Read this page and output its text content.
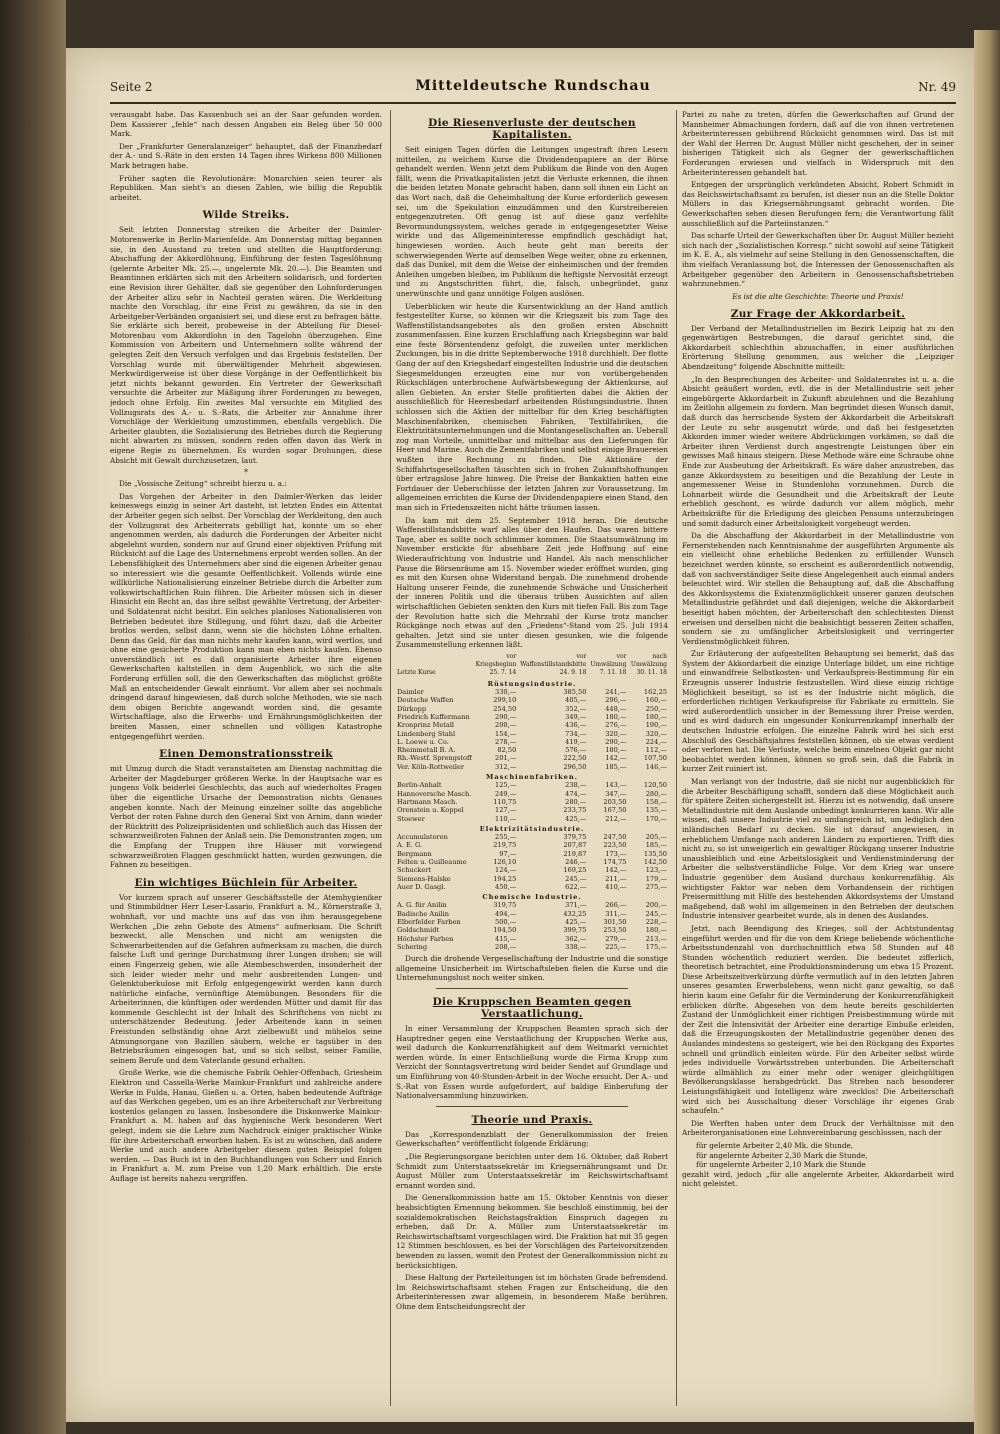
Seite 2	Mitteldeutsche Rundschau	Nr. 49

verausgabt habe. Das Kassenbuch sei an der Saar gefunden worden. Dem Kassierer „fehle“ nach dessen Angaben ein Beleg über 50 000 Mark.

Der „Frankfurter Generalanzeiger“ behauptet, daß der Finanzbedarf der A.- und S.-Räte in den ersten 14 Tagen ihres Wirkens 800 Millionen Mark betragen habe.

Früher sagten die Revolutionäre: Monarchien seien teurer als Republiken. Man sieht's an diesen Zahlen, wie billig die Republik arbeitet.

Wilde Streiks.

Seit letzten Donnerstag streiken die Arbeiter der Daimler-Motorenwerke in Berlin-Marienfelde. Am Donnerstag mittag begannen sie, in den Ausstand zu treten und stellten die Hauptforderung: Abschaffung der Akkordlöhnung, Einführung der festen Tageslöhnung (gelernte Arbeiter Mk. 25.—, ungelernte Mk. 20.—). Die Beamten und Beamtinnen erklärten sich mit den Arbeitern solidarisch, und forderten eine Revision ihrer Gehälter, daß sie gegenüber den Lohnforderungen der Arbeiter allzu sehr in Nachteil geraten wären. Die Werkleitung machte den Vorschlag, ihr eine Frist zu gewähren, da sie in den Arbeitgeber-Verbänden organisiert sei, und diese erst zu befragen hätte. Sie erklärte sich bereit, probeweise in der Abteilung für Diesel-Motorenbau vom Akkordlohn in den Tagelohn überzugehen. Eine Kommission von Arbeitern und Unternehmern sollte während der gelegten Zeit den Versuch verfolgen und das Ergebnis feststellen. Der Vorschlag wurde mit überwältigender Mehrheit abgewiesen. Merkwürdigerweise ist über diese Vorgänge in der Oeffentlichkeit bis jetzt nichts bekannt geworden. Ein Vertreter der Gewerkschaft versuchte die Arbeiter zur Mäßigung ihrer Forderungen zu bewegen, jedoch ohne Erfolg. Ein zweites Mal versuchte ein Mitglied des Vollzugsrats des A.- u. S.-Rats, die Arbeiter zur Annahme ihrer Vorschläge der Werkleitung umzustimmen, ebenfalls vergeblich. Die Arbeiter glaubten, die Sozialisierung des Betriebes durch die Regierung nicht abwarten zu müssen, sondern reden offen davon das Werk in eigene Regie zu übernehmen. Es wurden sogar Drohungen, diese Absicht mit Gewalt durchzusetzen, laut.

*

Die „Vossische Zeitung“ schreibt hierzu u. a.:

Das Vorgehen der Arbeiter in den Daimler-Werken das leider keineswegs einzig in seiner Art dasteht, ist letzten Endes ein Attentat der Arbeiter gegen sich selbst. Der Vorschlag der Werkleitung, den auch der Vollzugsrat des Arbeiterrats gebilligt hat, konnte um so eher angenommen werden, als dadurch die Forderungen der Arbeiter nicht abgelehnt wurden, sondern nur auf Grund einer objektiven Prüfung mit Rücksicht auf die Lage des Unternehmens erprobt werden sollen. An der Lebensfähigkeit des Unternehmers aber sind die eigenen Arbeiter genau so interessiert wie die gesamte Oeffentlichkeit. Vollends würde eine willkürliche Nationalisierung einzelner Betriebe durch die Arbeiter zum volkswirtschaftlichen Ruin führen. Die Arbeiter müssen sich in dieser Hinsicht ein Recht an, das ihre selbst gewählte Vertretung, der Arbeiter- und Soldatenrat nicht besitzt. Ein solches planloses Nationalisieren von Betrieben bedeutet ihre Stillegung, und führt dazu, daß die Arbeiter brotlos werden, selbst dann, wenn sie die höchsten Löhne erhalten. Denn das Geld, für das man nichts mehr kaufen kann, wird wertlos, und ohne eine gesicherte Produktion kann man eben nichts kaufen. Ebenso unverständlich ist es daß organisierte Arbeiter ihre eigenen Gewerkschaften kaltstellen in dem Augenblick, wo sich die alte Forderung erfüllen soll, die den Gewerkschaften das möglichst größte Maß an entscheidender Gewalt einräumt. Vor allem aber sei nochmals dringend darauf hingewiesen, daß durch solche Methoden, wie sie nach dem obigen Berichte angewandt worden sind, die gesamte Wirtschaftlage, also die Erwerbs- und Ernährungsmöglichkeiten der breiten Massen, einer schnellen und völligen Katastrophe entgegengeführt werden.

Einen Demonstrationsstreik

mit Umzug durch die Stadt veranstalteten am Dienstag nachmittag die Arbeiter der Magdeburger größeren Werke. In der Hauptsache war es jungens Volk beiderlei Geschlechts, das auch auf wiederholtes Fragen über die eigentliche Ursache der Demonstration nichts Genaues angeben konnte. Nach der Meinung einzelner sollte das angebliche Verbot der roten Fahne durch den General Sixt von Arnim, dann wieder der Rücktritt des Polizeipräsidenten und schließlich auch das Hissen der schwarzweißroten Fahnen der Anlaß sein. Die Demonstranten zogen, um die Empfang der Truppen ihre Häuser mit vorwiegend schwarzweißroten Flaggen geschmückt hatten, wurden gezwungen, die Fahnen zu beseitigen.

Ein wichtiges Büchlein für Arbeiter.

Vor kurzem sprach auf unserer Geschäftsstelle der Atemhygieniker und Stimmbildner Herr Leser-Lasario, Frankfurt a. M., Körnerstraße 3, wohnhaft, vor und machte uns auf das von ihm herausgegebene Werkchen „Die zehn Gebote des Atmens“ aufmerksam. Die Schrift bezweckt, alle Menschen und nicht am wenigsten die Schwerarbeitenden auf die Gefahren aufmerksam zu machen, die durch falsche Luft und geringe Durchatmung ihrer Lungen drohen; sie will einen Fingerzeig geben, wie alle Atembeschwerden, insonderheit der sich leider wieder mehr und mehr ausbreitenden Lungen- und Gelenktuberkulose mit Erfolg entgegengewirkt werden kann durch natürliche einfache, vernünftige Atemübungen. Besonders für die Arbeiterinnen, die künftigen oder werdenden Mütter und damit für das kommende Geschlecht ist der Inhalt des Schriftchens von nicht zu unterschätzender Bedeutung. Jeder Arbeitende kann in seinen Freistunden selbständig ohne Arzt zielbewußt und mühelos seine Atmungsorgane von Bazillen säubern, welche er tagsüber in den Betriebsräumen eingesogen hat, und so sich selbst, seiner Familie, seinem Berufe und dem Vaterlande gesund erhalten.

Große Werke, wie die chemische Fabrik Oehler-Offenbach, Griesheim Elektron und Cassella-Werke Mainkur-Frankfurt und zahlreiche andere Werke in Fulda, Hanau, Gießen u. a. Orten, haben bedeutende Aufträge auf das Werkchen gegeben, um es an ihre Arbeiterschaft zur Verbreitung kostenlos gelangen zu lassen. Insbesondere die Diskonwerke Mainkur-Frankfurt a. M. haben auf das hygienische Werk besonderen Wert gelegt, indem sie die Lehre zum Nachdruck einiger praktischer Winke für ihre Arbeiterschaft erworben haben. Es ist zu wünschen, daß andere Werke und auch andere Arbeitgeber diesem guten Beispiel folgen werden. — Das Buch ist in den Buchhandlungen von Scherr und Enrich in Frankfurt a. M. zum Preise von 1,20 Mark erhältlich. Die erste Auflage ist bereits nahezu vergriffen.

Die Riesenverluste der deutschen Kapitalisten.

Seit einigen Tagen dürfen die Leitungen ungestraft ihren Lesern mitteilen, zu welchem Kurse die Dividendenpapiere an der Börse gehandelt werden. Wenn jetzt dem Publikum die Binde von den Augen fällt, wenn die Privatkapitalisten jetzt die Verluste erkennen, die ihnen die beiden letzten Monate gebracht haben, dann soll ihnen ein Licht an das Wort nach, daß die Geheimhaltung der Kurse erforderlich gewesen sei, um die Spekulation einzudämmen und den Kurstreibereien entgegenzutreten. Oft genug ist auf diese ganz verfehlte Bevormundungssystem, welches gerade in entgegengesetzter Weise wirkte und das Allgemeininteresse empfindlich geschädigt hat, hingewiesen worden. Auch heute geht man bereits der schwerwiegenden Werte auf demselben Wege weiter, ohne zu erkennen, daß das Dunkel, mit dem die Weise der einheimischen und der fremden Anleihen umgeben bleiben, im Publikum die heftigste Nervosität erzeugt und zu Angstschritten führt, die, falsch, unbegründet, ganz unerwünschte und ganz unnötige Folgen auslösen.

Ueberblicken wir heute die Kursentwicklung an der Hand amtlich festgestellter Kurse, so können wir die Kriegszeit bis zum Tage des Waffenstillstandsangebotes als den großen ersten Abschnitt zusammenfassen. Eine kurzen Erschlaffung nach Kriegsbeginn war bald eine feste Börsentendenz gefolgt, die zuweilen unter merklichen Zuckungen, bis in die dritte Septemberwoche 1918 durchhielt. Der flotte Gang der auf den Kriegsbedarf eingestellten Industrie und die deutschen Siegesmeldungen erzeugten eine nur von vorübergehenden Rückschlägen unterbrochene Aufwärtsbewegung der Aktienkurse, auf allen Gebieten. An erster Stelle profitierten dabei die Aktien der ausschließlich für Heeresbedarf arbeitenden Rüstungsindustrie. Ihnen schlossen sich die Aktien der mittelbar für den Krieg beschäftigten Maschinenfabriken, chemischen Fabriken, Textilfabriken, die Elektrizitätsunternehmungen und die Montangesellschaften an. Ueberall zog man Vorteile, unmittelbar und mittelbar aus den Lieferungen für Heer und Marine. Auch die Zementfabriken und selbst einige Brauereien wußten ihre Rechnung zu finden. Die Aktionäre der Schiffahrtsgesellschaften täuschten sich in frohen Zukunftshoffnungen über ertragslose Jahre hinweg. Die Preise der Bankaktien hatten eine Fortdauer der Ueberschüsse der letzten Jahren zur Voraussetzung. Im allgemeinen errichten die Kurse der Dividendenpapiere einen Stand, den man sich in Friedenszeiten nicht hätte träumen lassen.

Da kam mit dem 25. September 1918 heran. Die deutsche Waffenstillstandsbitte warf alles über den Haufen. Das waren bittere Tage, aber es sollte noch schlimmer kommen. Die Staatsumwälzung im November erstickte für absehbare Zeit jede Hoffnung auf eine Wiederaufrichtung von Industrie und Handel. Als nach menschlicher Pause die Börsenräume am 15. November wieder eröffnet wurden, ging es mit den Kursen ohne Widerstand bergab. Die zunehmend drohende Haltung unserer Feinde, die zunehmende Schwäche und Unsicherheit der inneren Politik und die überaus trüben Aussichten auf allen wirtschaftlichen Gebieten senkten den Kurs mit tiefen Fall. Bis zum Tage der Revolution hatte sich die Mehrzahl der Kurse trotz mancher Rückgänge noch etwas auf den „Friedens“-Stand vom 25. Juli 1914 gehalten. Jetzt sind sie unter diesen gesunken, wie die folgende Zusammenstellung erkennen läßt.

Letzte Kurse	vor Kriegsbeginn 25. 7. 14	vor Waffenstillstandsbitte 24. 9. 18	vor Umwälzung 7. 11. 18	nach Umwälzung 30. 11. 18
Rüstungsindustrie.				
Daimler	330,—	385,50	241,—	162,25
Deutsche Waffen	299,10	405,—	296,—	160,—
Dürkopp	254,50	352,—	448,—	250,—
Friedrich Kuffermann	290,—	349,—	180,—	180,—
Kronprinz Metall	200,—	436,—	276,—	190,—
Lindenberg Stahl	154,—	734,—	320,—	320,—
L. Loewe u. Co.	278,—	419,—	290,—	224,—
Rheinmetall B. A.	82,50	576,—	180,—	112,—
Rh.-Westf. Sprengstoff	201,—	222,50	142,—	107,50
Ver. Köln-Rottweiler	312,—	296,50	185,—	146,—
Maschinenfabriken.				
Berlin-Anhalt	125,—	238,—	143,—	120,50
Hannoversche Masch.	249,—	474,—	347,—	280,—
Hartmann Masch.	110,75	280,—	203,50	158,—
Orenstein u. Koppel	127,—	233,75	167,50	135,—
Stoewer	110,—	425,—	212,—	170,—
Elektrizitätsindustrie.				
Accumulatoren	255,—	379,75	247,50	205,—
A. E. G.	219,75	207,87	223,50	185,—
Bergmann	97,—	219,87	173,—	135,50
Felten u. Guilleaume	126,10	246,—	174,75	142,50
Schuckert	124,—	169,25	142,—	123,—
Siemens-Halske	194,25	245,—	211,—	179,—
Auer D. Gasgl.	450,—	622,—	410,—	275,—
Chemische Industrie.				
A. G. für Anilin	319,75	371,—	266,—	200,—
Badische Anilin	494,—	432,25	311,—	245,—
Elberfelder Farben	500,—	425,—	301,50	228,—
Goldschmidt	194,50	399,75	253,50	180,—
Höchster Farben	415,—	362,—	279,—	213,—
Schering	208,—	338,—	225,—	175,—

Durch die drohende Vergesellschaftung der Industrie und die sonstige allgemeine Unsicherheit im Wirtschaftsleben fielen die Kurse und die Unternehmungslust noch weiter sinken.

Die Kruppschen Beamten gegen Verstaatlichung.

In einer Versammlung der Kruppschen Beamten sprach sich der Hauptredner gegen eine Verstaatlichung der Kruppschen Werke aus, weil dadurch die Konkurrenzfähigkeit auf dem Weltmarkt vernichtet werden würde. In einer Entschließung wurde die Firma Krupp zum Verzicht der Sonntagsvertretung wird beider Sendet auf Grundlage und um Einführung von 40-Stunden-Arbeit in der Woche ersucht. Der A.- und S.-Rat von Essen wurde aufgefordert, auf baldige Einberufung der Nationalversammlung hinzuwirken.

Theorie und Praxis.

Das „Korrespondenzblatt der Generalkommission der freien Gewerkschaften“ veröffentlicht folgende Erklärung:

„Die Regierungsorgane berichten unter dem 16. Oktober, daß Robert Schmidt zum Unterstaatssekretär im Kriegsernährungsamt und Dr. August Müller zum Unterstaatssekretär im Reichswirtschaftsamt ernannt worden sind.

Die Generalkommission hatte am 15. Oktober Kenntnis von dieser beabsichtigten Ernennung bekommen. Sie beschloß einstimmig, bei der sozialdemokratischen Reichstagsfraktion Einspruch dagegen zu erheben, daß Dr. A. Müller zum Unterstaatssekretär im Reichswirtschaftsamt vorgeschlagen wird. Die Fraktion hat mit 35 gegen 12 Stimmen beschlossen, es bei der Vorschlägen des Parteivorsitzenden bewenden zu lassen, womit den Protest der Generalkommission nicht zu berücksichtigen.

Diese Haltung der Parteileitungen ist im höchsten Grade befremdend. Im Reichswirtschaftsamt stehen Fragen zur Entscheidung, die den Arbeiterinteressen zwar allgemein, in besonderem Maße berühren. Ohne dem Entscheidungsrecht der

Partei zu nahe zu treten, dürfen die Gewerkschaften auf Grund der Mannheimer Abmachungen fordern, daß auf die von ihnen vertretenen Arbeiterinteressen gebührend Rücksicht genommen wird. Das ist mit der Wahl der Herren Dr. August Müller nicht geschehen, der in seiner bisherigen Tätigkeit sich als Gegner der gewerkschaftlichen Forderungen erwiesen und vielfach in Widerspruch mit den Arbeiterinteressen gehandelt hat.

Entgegen der ursprünglich verkündeten Absicht, Robert Schmidt in das Reichswirtschaftsamt zu berufen, ist dieser nun an die Stelle Doktor Müllers in das Kriegsernährungsamt gebracht worden. Die Gewerkschaften sehen diesen Berufungen fern; die Verantwortung fällt ausschließlich auf die Parteiinstanzen.“

Das scharfe Urteil der Gewerkschaften über Dr. August Müller bezieht sich nach der „Sozialistischen Korresp.“ nicht sowohl auf seine Tätigkeit im K. E. A., als vielmehr auf seine Stellung in den Genossenschaften, die ihm vielfach Veranlassung bot, die Interessen der Genossenschaften als Arbeitgeber gegenüber den Arbeitern in Genossenschaftsbetrieben wahrzunehmen.“

Es ist die alte Geschichte: Theorie und Praxis!
Zur Frage der Akkordarbeit.

Der Verband der Metallindustriellen im Bezirk Leipzig hat zu den gegenwärtigen Bestrebungen, die darauf gerichtet sind, die Akkordarbeit schlechthin abzuschaffen, in einer ausführlichen Erörterung Stellung genommen, aus welcher die „Leipziger Abendzeitung“ folgende Abschnitte mitteilt:

„In den Besprechungen des Arbeiter- und Soldatenrates ist u. a. die Absicht geäußert worden, evtl. die in der Metallindustrie seit jeher eingebürgerte Akkordarbeit in Zukunft abzulehnen und die Bezahlung im Zeitlohn allgemein zu fordern. Man begründet diesen Wunsch damit, daß durch das herrschende System der Akkordarbeit die Arbeitskraft der Leute zu sehr ausgenutzt würde, und daß bei festgesetzten Akkorden immer wieder weitere Abdrückungen vorkämen, so daß die Arbeiter ihren Verdienst durch angestrengte Leistungen über ein gewisses Maß hinaus steigern. Diese Methode wäre eine Schraube ohne Ende zur Ausbeutung der Arbeitskraft. Es wäre daher anzustreben, das ganze Akkordsystem zu beseitigen und die Bezahlung der Leute in angemessener Weise in Stundenlohn vorzunehmen. Durch die Lohnarbeit würde die Gesundheit und die Arbeitskraft der Leute erheblich geschont, es würde dadurch vor allem möglich, mehr Arbeitskräfte für die Erledigung des gleichen Pensums unterzubringen und somit dadurch einer Arbeitslosigkeit vorgebeugt werden.

Da die Abschaffung der Akkordarbeit in der Metallindustrie von Fernerstehenden nach Kenntnisnahme der ausgeführten Argumente als ein vielleicht ohne erhebliche Bedenken zu erfüllender Wunsch bezeichnet werden könnte, so erscheint es außerordentlich notwendig, daß von sachverständiger Seite diese Angelegenheit auch einmal anders beleuchtet wird. Wir stellen die Behauptung auf, daß die Abschaffung des Akkordsystems die Existenzmöglichkeit unserer ganzen deutschen Metallindustrie gefährdet und daß diejenigen, welche die Akkordarbeit beseitigt haben möchten, der Arbeiterschaft den schlechtesten Dienst erweisen und derselben nicht die beabsichtigt besseren Zeiten schaffen, sondern sie zu umfänglicher Arbeitslosigkeit und verringerter Verdienstmöglichkeit führen.

Zur Erläuterung der aufgestellten Behauptung sei bemerkt, daß das System der Akkordarbeit die einzige Unterlage bildet, um eine richtige und einwandfreie Selbstkosten- und Verkaufspreis-Bestimmung für ein Erzeugnis unserer Industrie festzustellen. Wird diese einzig richtige Möglichkeit beseitigt, so ist es der Industrie nicht möglich, die erforderlichen richtigen Verkaufspreise für Fabrikate zu ermitteln. Sie wird außerordentlich unsicher in der Bemessung ihrer Preise werden, und es wird dadurch ein ungesunder Konkurrenzkampf innerhalb der deutschen Industrie erfolgen. Die einzelne Fabrik wird bei sich erst Abschluß des Geschäftsjahres feststellen können, ob sie etwas verdient oder verloren hat. Die Verluste, welche beim einzelnen Objekt gar nicht beobachtet werden können, können so groß sein, daß die Fabrik in kurzer Zeit ruiniert ist.

Man verlangt von der Industrie, daß sie nicht nur augenblicklich für die Arbeiter Beschäftigung schafft, sondern daß diese Möglichkeit auch für spätere Zeiten sichergestellt ist. Hierzu ist es notwendig, daß unsere Metallindustrie mit dem Auslande unbedingt konkurrieren kann. Wir alle wissen, daß unsere Industrie viel zu umfangreich ist, um lediglich den inländischen Bedarf zu decken. Sie ist darauf angewiesen, in erheblichem Umfange nach anderen Ländern zu exportieren. Trifft dies nicht zu, so ist unweigerlich ein gewaltiger Rückgang unserer Industrie unausbleiblich und eine Arbeitslosigkeit und Verdienstminderung der Arbeiter die selbstverständliche Folge. Vor dem Krieg war unsere Industrie gegenüber dem Ausland durchaus konkurrenzfähig. Als wichtigster Faktor war neben dem Vorhandensein der richtigen Preisermittlung mit Hilfe des bestehenden Akkordsystems der Umstand maßgebend, daß wohl im allgemeinen in den Betrieben der deutschen Industrie intensiver gearbeitet wurde, als in denen des Auslandes.

Jetzt, nach Beendigung des Krieges, soll der Achtstundentag eingeführt werden und für die von dem Kriege beliebende wöchentliche Arbeitsstundenzahl von durchschnittlich etwa 58 Stunden auf 48 Stunden wöchentlich reduziert werden. Die bedeutet zifferlich, theoretisch betrachtet, eine Produktionsminderung um etwa 15 Prozent. Diese Arbeitszeitverkürzung dürfte vermutlich auf in den letzten Jahren unseres gesamten Erwerbslebens, wenn nicht ganz gewaltig, so daß hierin kaum eine Gefahr für die Verminderung der Konkurrenzfähigkeit erblicken dürfte. Abgesehen von dem heute bereits geschilderten Zustand der Unmöglichkeit einer richtigen Preisbestimmung würde mit der Zeit die Intensivität der Arbeiter eine derartige Einbuße erleiden, daß die Erzeugungskosten der Metallindustrie gegenüber denen des Auslandes mindestens so gesteigert, wie bei den Rückgang des Exportes schnell und gründlich einleiten würde. Für den Arbeiter selbst würde jedes individuelle Vorwärtsstreben unterbunden. Die Arbeiterschaft würde allmählich zu einer mehr oder weniger gleichgültigen Bevölkerungsklasse herabgedrückt. Das Streben nach besonderer Leistungsfähigkeit und Intelligenz wäre zwecklos! Die Arbeiterschaft wird sich bei Ausschaltung dieser Vorschläge ihr eigenes Grab schaufeln.“

Die Werften haben unter dem Druck der Verhältnisse mit den Arbeiterorganisationen eine Lohnvereinbarung geschlossen, nach der

für gelernte Arbeiter 2,40 Mk. die Stunde,
für angelernte Arbeiter 2,30 Mark die Stunde,
für ungelernte Arbeiter 2,10 Mark die Stunde

gezahlt wird, jedoch „für alle angelernte Arbeiter, Akkordarbeit wird nicht geleistet.
